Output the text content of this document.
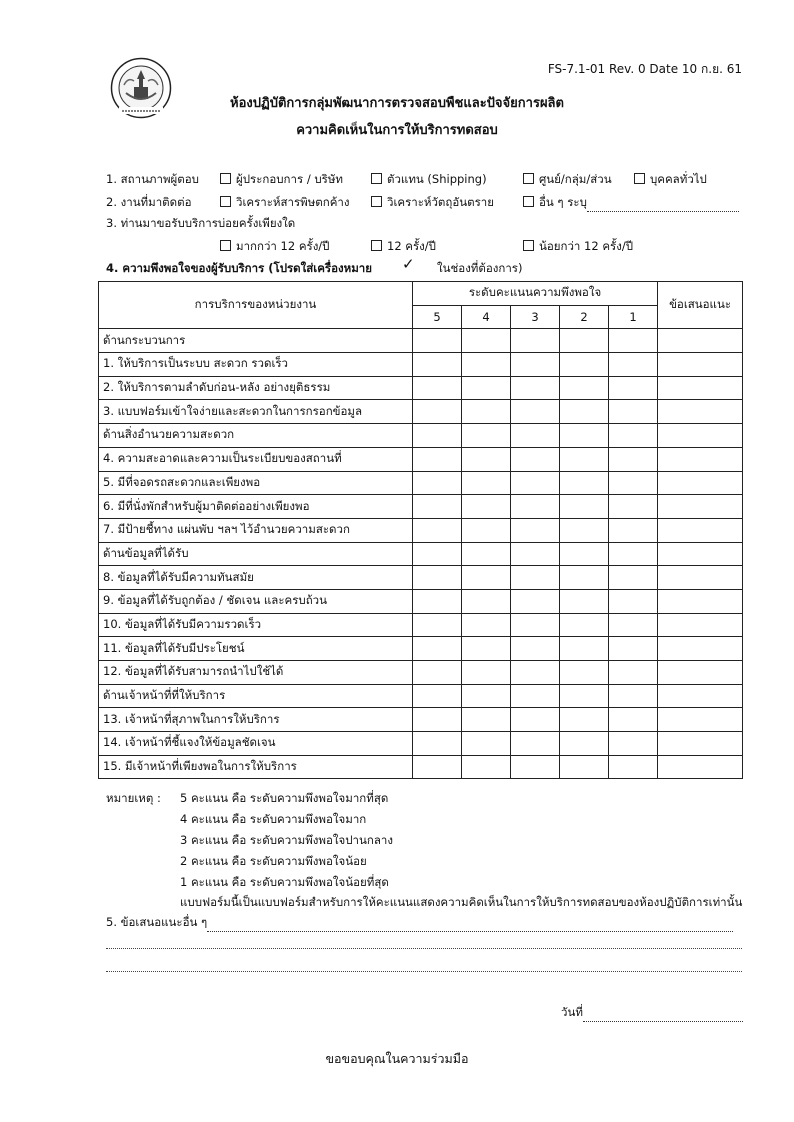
FS-7.1-01 Rev. 0 Date 10 ก.ย. 61
ห้องปฏิบัติการกลุ่มพัฒนาการตรวจสอบพืชและปัจจัยการผลิต
ความคิดเห็นในการให้บริการทดสอบ
1. สถานภาพผู้ตอบ	ผู้ประกอบการ / บริษัท	ตัวแทน (Shipping)	ศูนย์/กลุ่ม/ส่วน	บุคคลทั่วไป
2. งานที่มาติดต่อ	วิเคราะห์สารพิษตกค้าง	วิเคราะห์วัตถุอันตราย	อื่น ๆ ระบุ
3. ท่านมาขอรับบริการบ่อยครั้งเพียงใด
มากกว่า 12 ครั้ง/ปี	12 ครั้ง/ปี	น้อยกว่า 12 ครั้ง/ปี
4. ความพึงพอใจของผู้รับบริการ (โปรดใส่เครื่องหมาย ✓ ในช่องที่ต้องการ)
การบริการของหน่วยงาน	ระดับคะแนนความพึงพอใจ					ข้อเสนอแนะ
	5	4	3	2	1	
ด้านกระบวนการ						
1. ให้บริการเป็นระบบ สะดวก รวดเร็ว						
2. ให้บริการตามลำดับก่อน-หลัง อย่างยุติธรรม						
3. แบบฟอร์มเข้าใจง่ายและสะดวกในการกรอกข้อมูล						
ด้านสิ่งอำนวยความสะดวก						
4. ความสะอาดและความเป็นระเบียบของสถานที่						
5. มีที่จอดรถสะดวกและเพียงพอ						
6. มีที่นั่งพักสำหรับผู้มาติดต่ออย่างเพียงพอ						
7. มีป้ายชี้ทาง แผ่นพับ ฯลฯ ไว้อำนวยความสะดวก						
ด้านข้อมูลที่ได้รับ						
8. ข้อมูลที่ได้รับมีความทันสมัย						
9. ข้อมูลที่ได้รับถูกต้อง / ชัดเจน และครบถ้วน						
10. ข้อมูลที่ได้รับมีความรวดเร็ว						
11. ข้อมูลที่ได้รับมีประโยชน์						
12. ข้อมูลที่ได้รับสามารถนำไปใช้ได้						
ด้านเจ้าหน้าที่ที่ให้บริการ						
13. เจ้าหน้าที่สุภาพในการให้บริการ						
14. เจ้าหน้าที่ชี้แจงให้ข้อมูลชัดเจน						
15. มีเจ้าหน้าที่เพียงพอในการให้บริการ						
หมายเหตุ : 5 คะแนน คือ ระดับความพึงพอใจมากที่สุด
4 คะแนน คือ ระดับความพึงพอใจมาก
3 คะแนน คือ ระดับความพึงพอใจปานกลาง
2 คะแนน คือ ระดับความพึงพอใจน้อย
1 คะแนน คือ ระดับความพึงพอใจน้อยที่สุด
แบบฟอร์มนี้เป็นแบบฟอร์มสำหรับการให้คะแนนแสดงความคิดเห็นในการให้บริการทดสอบของห้องปฏิบัติการเท่านั้น
5. ข้อเสนอแนะอื่น ๆ
วันที่
ขอขอบคุณในความร่วมมือ
